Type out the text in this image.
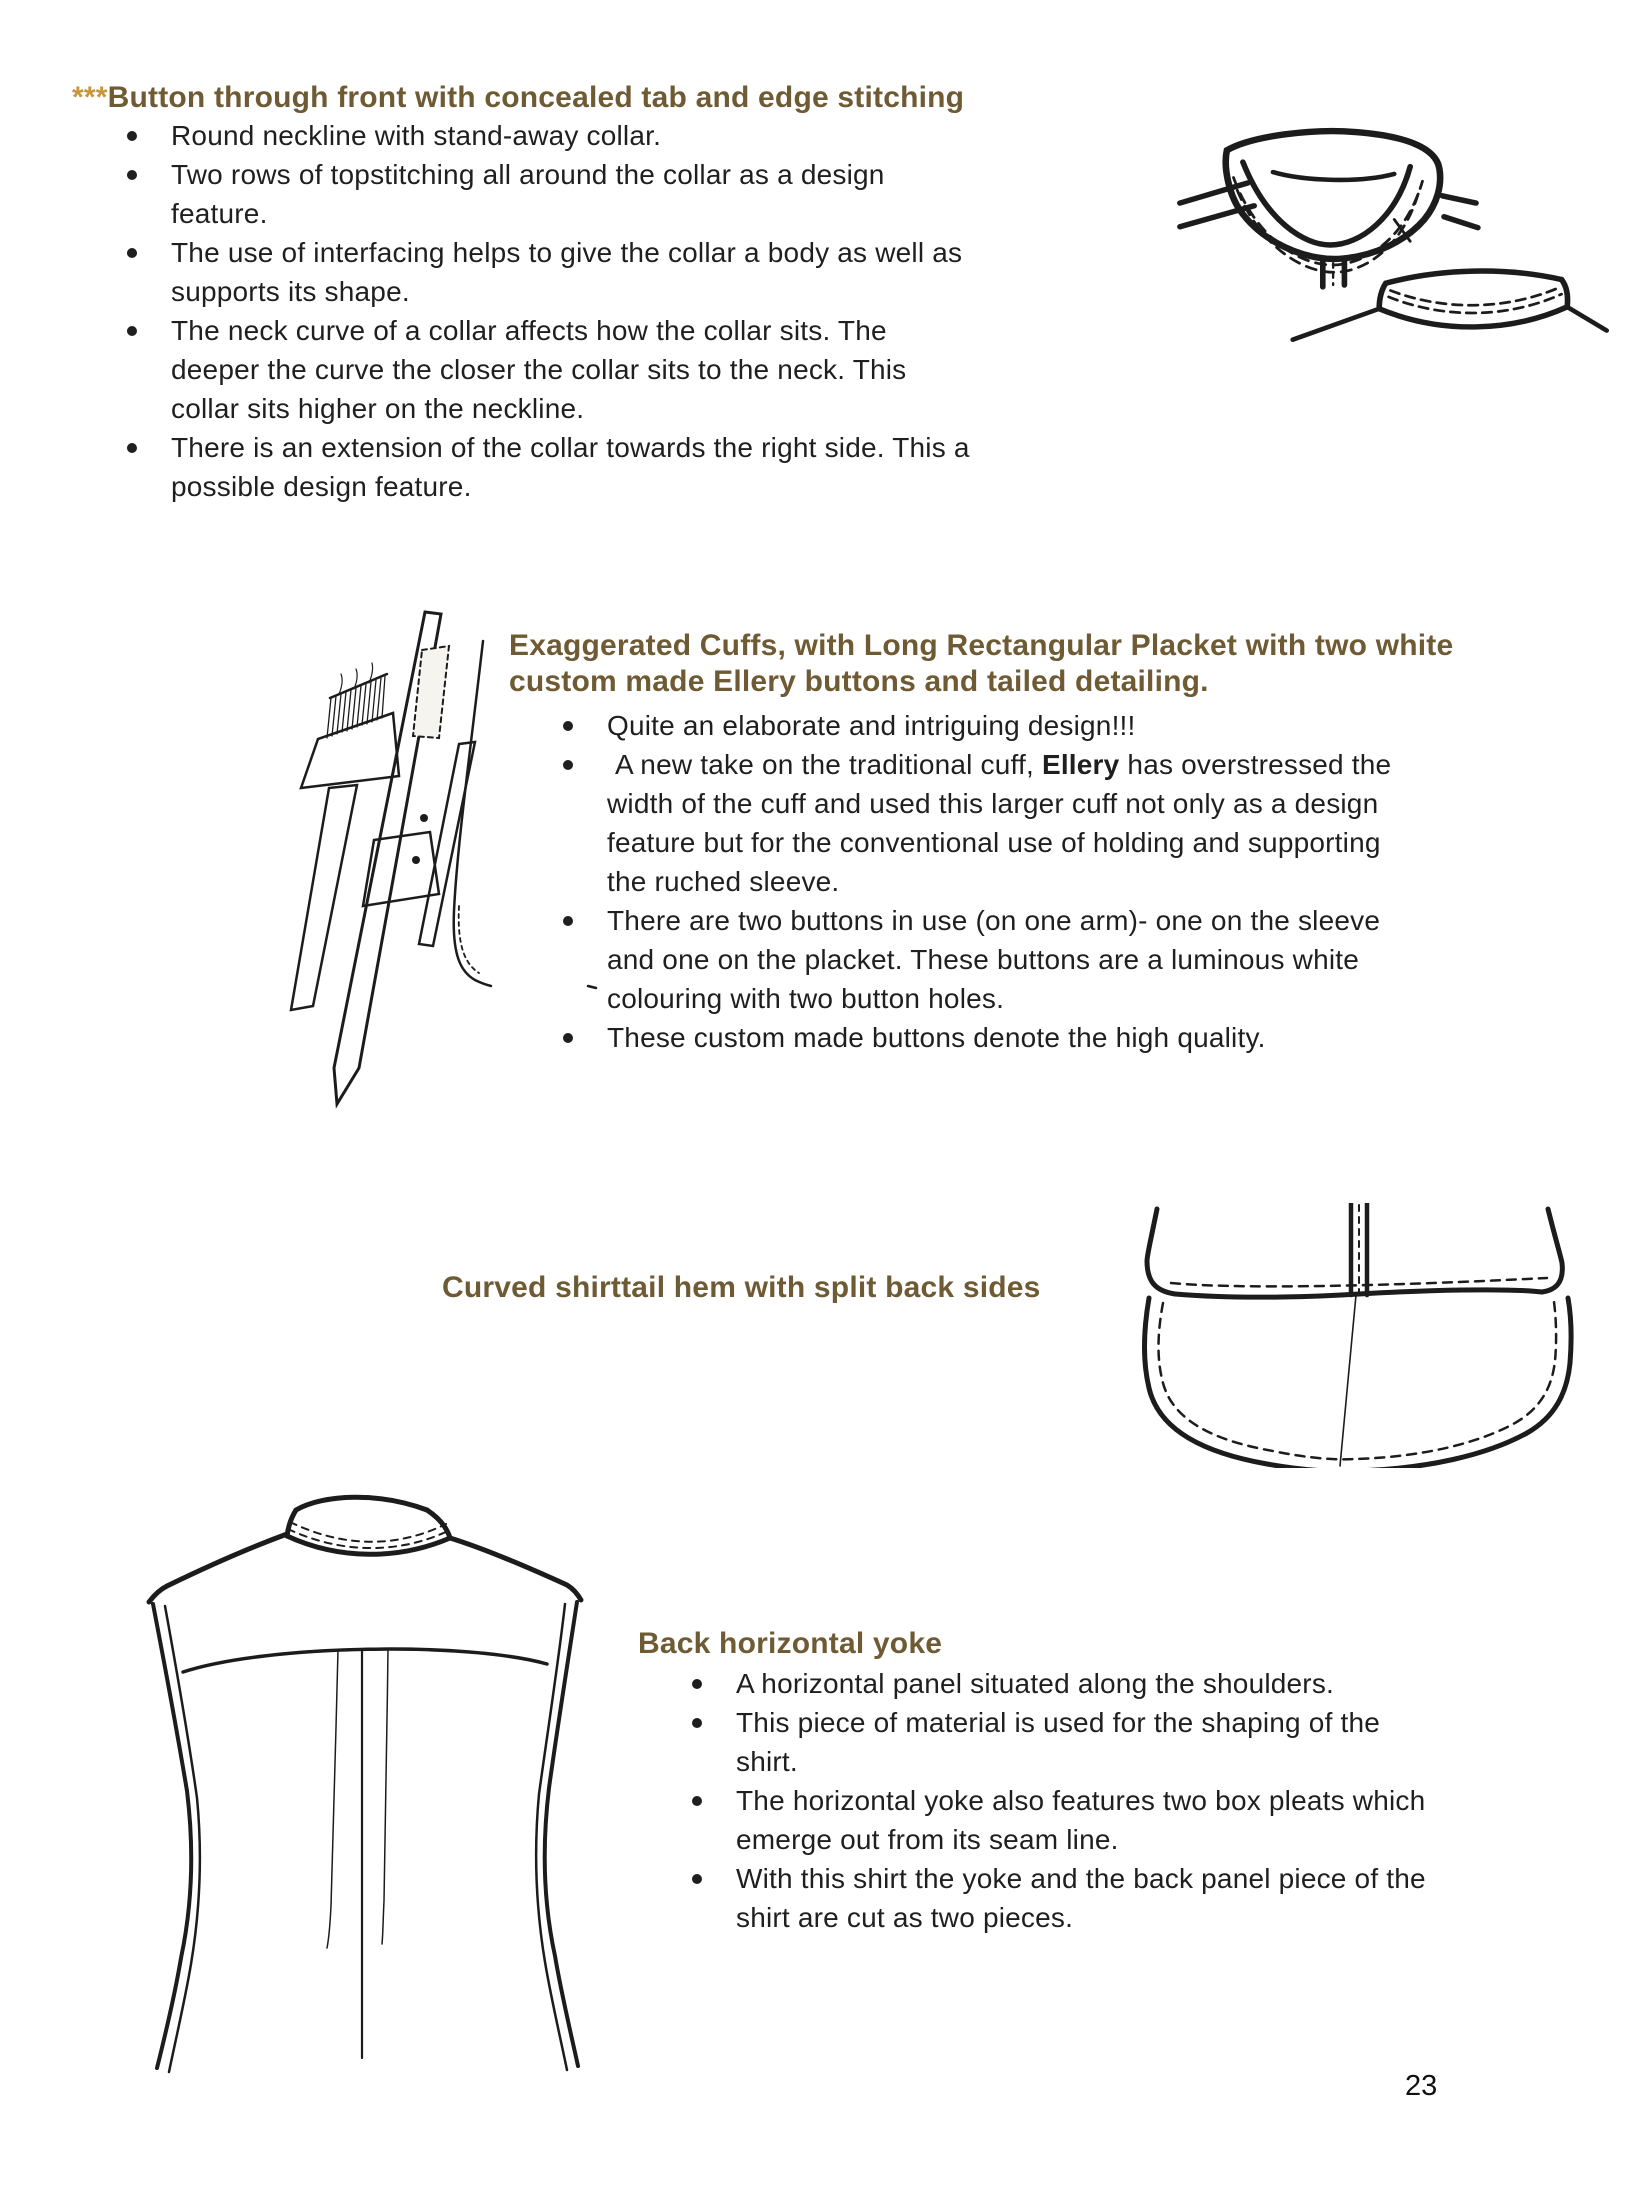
***Button through front with concealed tab and edge stitching
Round neckline with stand-away collar.
Two rows of topstitching all around the collar as a design feature.
The use of interfacing helps to give the collar a body as well as supports its shape.
The neck curve of a collar affects how the collar sits. The deeper the curve the closer the collar sits to the neck. This collar sits higher on the neckline.
There is an extension of the collar towards the right side. This a possible design feature.
Exaggerated Cuffs, with Long Rectangular Placket with two white
custom made Ellery buttons and tailed detailing.
Quite an elaborate and intriguing design!!!
A new take on the traditional cuff, Ellery has overstressed the width of the cuff and used this larger cuff not only as a design feature but for the conventional use of holding and supporting the ruched sleeve.
There are two buttons in use (on one arm)- one on the sleeve and one on the placket. These buttons are a luminous white colouring with two button holes.
These custom made buttons denote the high quality.
Curved shirttail hem with split back sides
Back horizontal yoke
A horizontal panel situated along the shoulders.
This piece of material is used for the shaping of the shirt.
The horizontal yoke also features two box pleats which emerge out from its seam line.
With this shirt the yoke and the back panel piece of the shirt are cut as two pieces.
23
